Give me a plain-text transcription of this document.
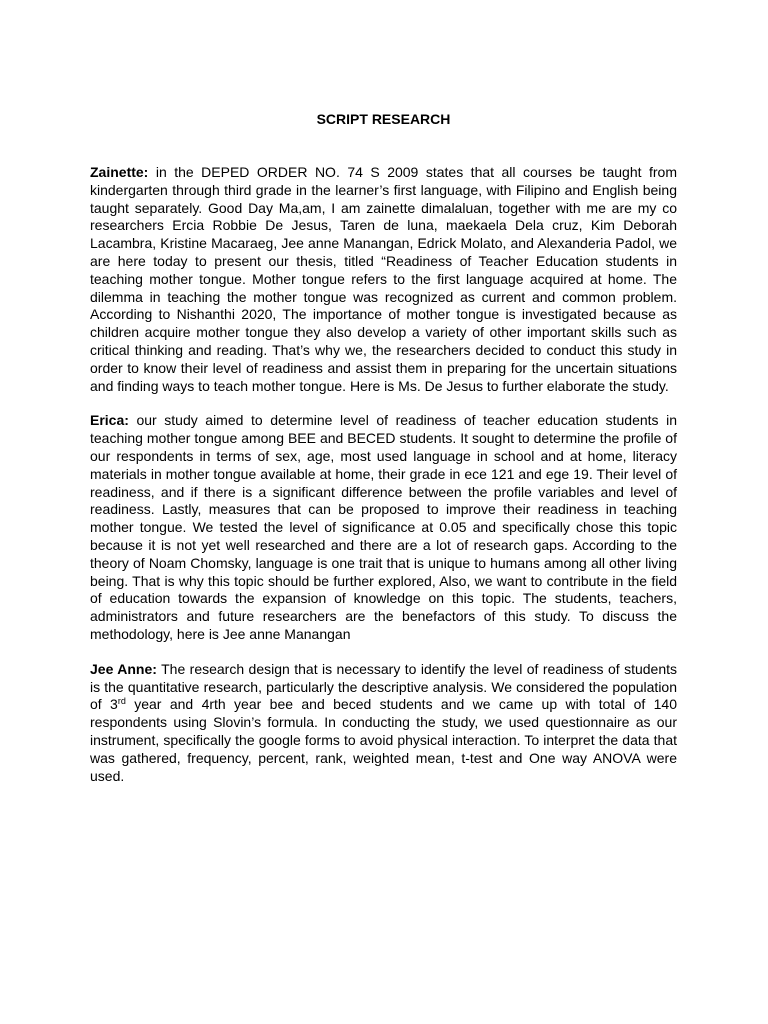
SCRIPT RESEARCH

Zainette: in the DEPED ORDER NO. 74 S 2009 states that all courses be taught from kindergarten through third grade in the learner’s first language, with Filipino and English being taught separately. Good Day Ma,am, I am zainette dimalaluan, together with me are my co researchers Ercia Robbie De Jesus, Taren de luna, maekaela Dela cruz, Kim Deborah Lacambra, Kristine Macaraeg, Jee anne Manangan, Edrick Molato, and Alexanderia Padol, we are here today to present our thesis, titled “Readiness of Teacher Education students in teaching mother tongue. Mother tongue refers to the first language acquired at home. The dilemma in teaching the mother tongue was recognized as current and common problem. According to Nishanthi 2020, The importance of mother tongue is investigated because as children acquire mother tongue they also develop a variety of other important skills such as critical thinking and reading. That’s why we, the researchers decided to conduct this study in order to know their level of readiness and assist them in preparing for the uncertain situations and finding ways to teach mother tongue. Here is Ms. De Jesus to further elaborate the study.

Erica: our study aimed to determine level of readiness of teacher education students in teaching mother tongue among BEE and BECED students. It sought to determine the profile of our respondents in terms of sex, age, most used language in school and at home, literacy materials in mother tongue available at home, their grade in ece 121 and ege 19. Their level of readiness, and if there is a significant difference between the profile variables and level of readiness. Lastly, measures that can be proposed to improve their readiness in teaching mother tongue. We tested the level of significance at 0.05 and specifically chose this topic because it is not yet well researched and there are a lot of research gaps. According to the theory of Noam Chomsky, language is one trait that is unique to humans among all other living being. That is why this topic should be further explored, Also, we want to contribute in the field of education towards the expansion of knowledge on this topic. The students, teachers, administrators and future researchers are the benefactors of this study. To discuss the methodology, here is Jee anne Manangan

Jee Anne: The research design that is necessary to identify the level of readiness of students is the quantitative research, particularly the descriptive analysis. We considered the population of 3rd year and 4rth year bee and beced students and we came up with total of 140 respondents using Slovin’s formula. In conducting the study, we used questionnaire as our instrument, specifically the google forms to avoid physical interaction. To interpret the data that was gathered, frequency, percent, rank, weighted mean, t-test and One way ANOVA were used.
